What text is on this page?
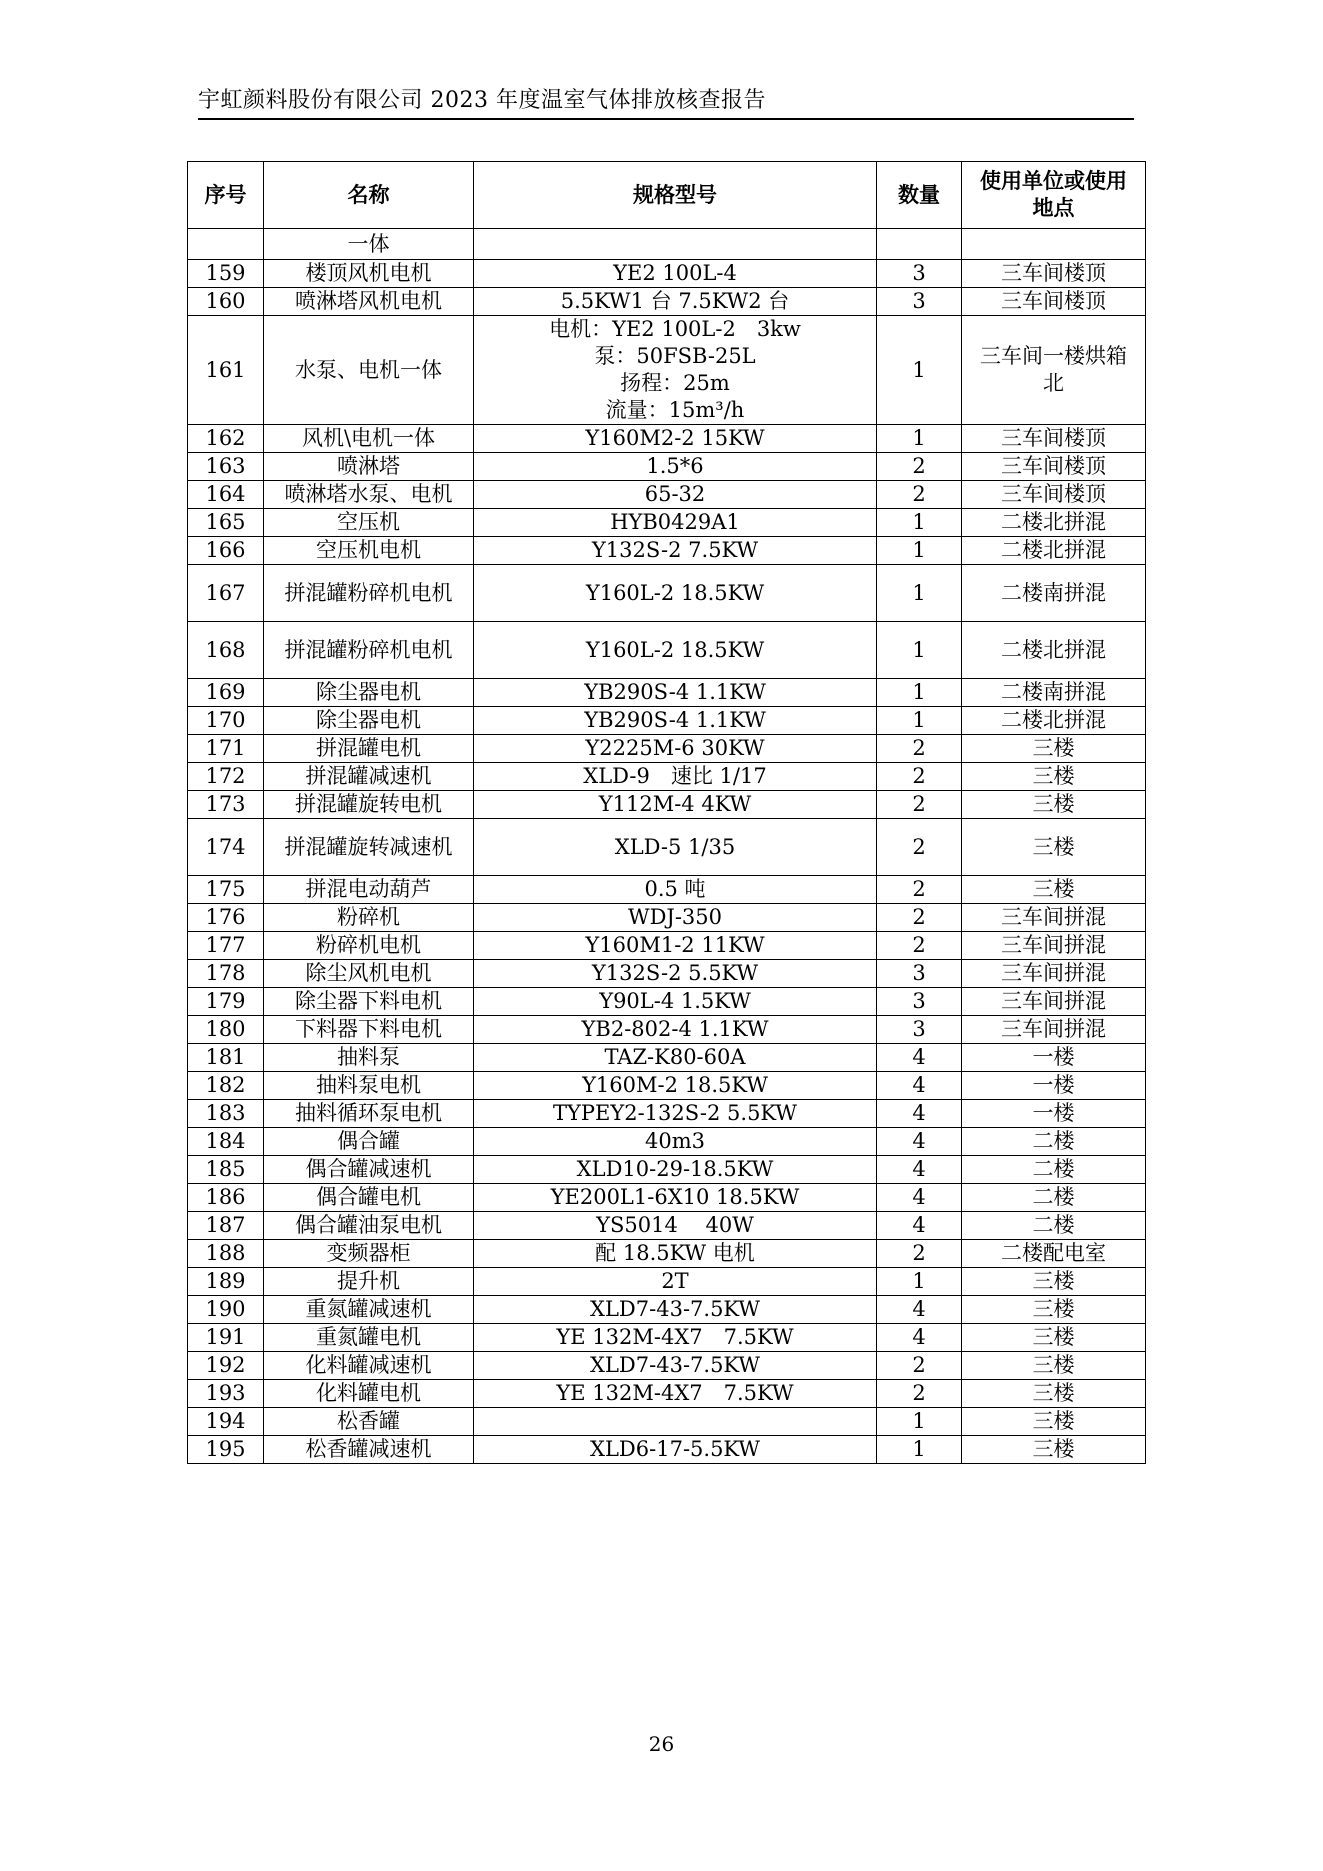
宇虹颜料股份有限公司 2023 年度温室气体排放核查报告
序号	名称	规格型号	数量	使用单位或使用地点
	一体			
159	楼顶风机电机	YE2 100L-4	3	三车间楼顶
160	喷淋塔风机电机	5.5KW1 台 7.5KW2 台	3	三车间楼顶
161	水泵、电机一体	电机：YE2 100L-2　3kw
泵：50FSB-25L
扬程：25m
流量：15m³/h	1	三车间一楼烘箱北
162	风机\电机一体	Y160M2-2 15KW	1	三车间楼顶
163	喷淋塔	1.5*6	2	三车间楼顶
164	喷淋塔水泵、电机	65-32	2	三车间楼顶
165	空压机	HYB0429A1	1	二楼北拼混
166	空压机电机	Y132S-2 7.5KW	1	二楼北拼混
167	拼混罐粉碎机电机	Y160L-2 18.5KW	1	二楼南拼混
168	拼混罐粉碎机电机	Y160L-2 18.5KW	1	二楼北拼混
169	除尘器电机	YB290S-4 1.1KW	1	二楼南拼混
170	除尘器电机	YB290S-4 1.1KW	1	二楼北拼混
171	拼混罐电机	Y2225M-6 30KW	2	三楼
172	拼混罐减速机	XLD-9　速比 1/17	2	三楼
173	拼混罐旋转电机	Y112M-4 4KW	2	三楼
174	拼混罐旋转减速机	XLD-5 1/35	2	三楼
175	拼混电动葫芦	0.5 吨	2	三楼
176	粉碎机	WDJ-350	2	三车间拼混
177	粉碎机电机	Y160M1-2 11KW	2	三车间拼混
178	除尘风机电机	Y132S-2 5.5KW	3	三车间拼混
179	除尘器下料电机	Y90L-4 1.5KW	3	三车间拼混
180	下料器下料电机	YB2-802-4 1.1KW	3	三车间拼混
181	抽料泵	TAZ-K80-60A	4	一楼
182	抽料泵电机	Y160M-2 18.5KW	4	一楼
183	抽料循环泵电机	TYPEY2-132S-2 5.5KW	4	一楼
184	偶合罐	40m3	4	二楼
185	偶合罐减速机	XLD10-29-18.5KW	4	二楼
186	偶合罐电机	YE200L1-6X10 18.5KW	4	二楼
187	偶合罐油泵电机	YS5014　 40W	4	二楼
188	变频器柜	配 18.5KW 电机	2	二楼配电室
189	提升机	2T	1	三楼
190	重氮罐减速机	XLD7-43-7.5KW	4	三楼
191	重氮罐电机	YE 132M-4X7　7.5KW	4	三楼
192	化料罐减速机	XLD7-43-7.5KW	2	三楼
193	化料罐电机	YE 132M-4X7　7.5KW	2	三楼
194	松香罐		1	三楼
195	松香罐减速机	XLD6-17-5.5KW	1	三楼
26
